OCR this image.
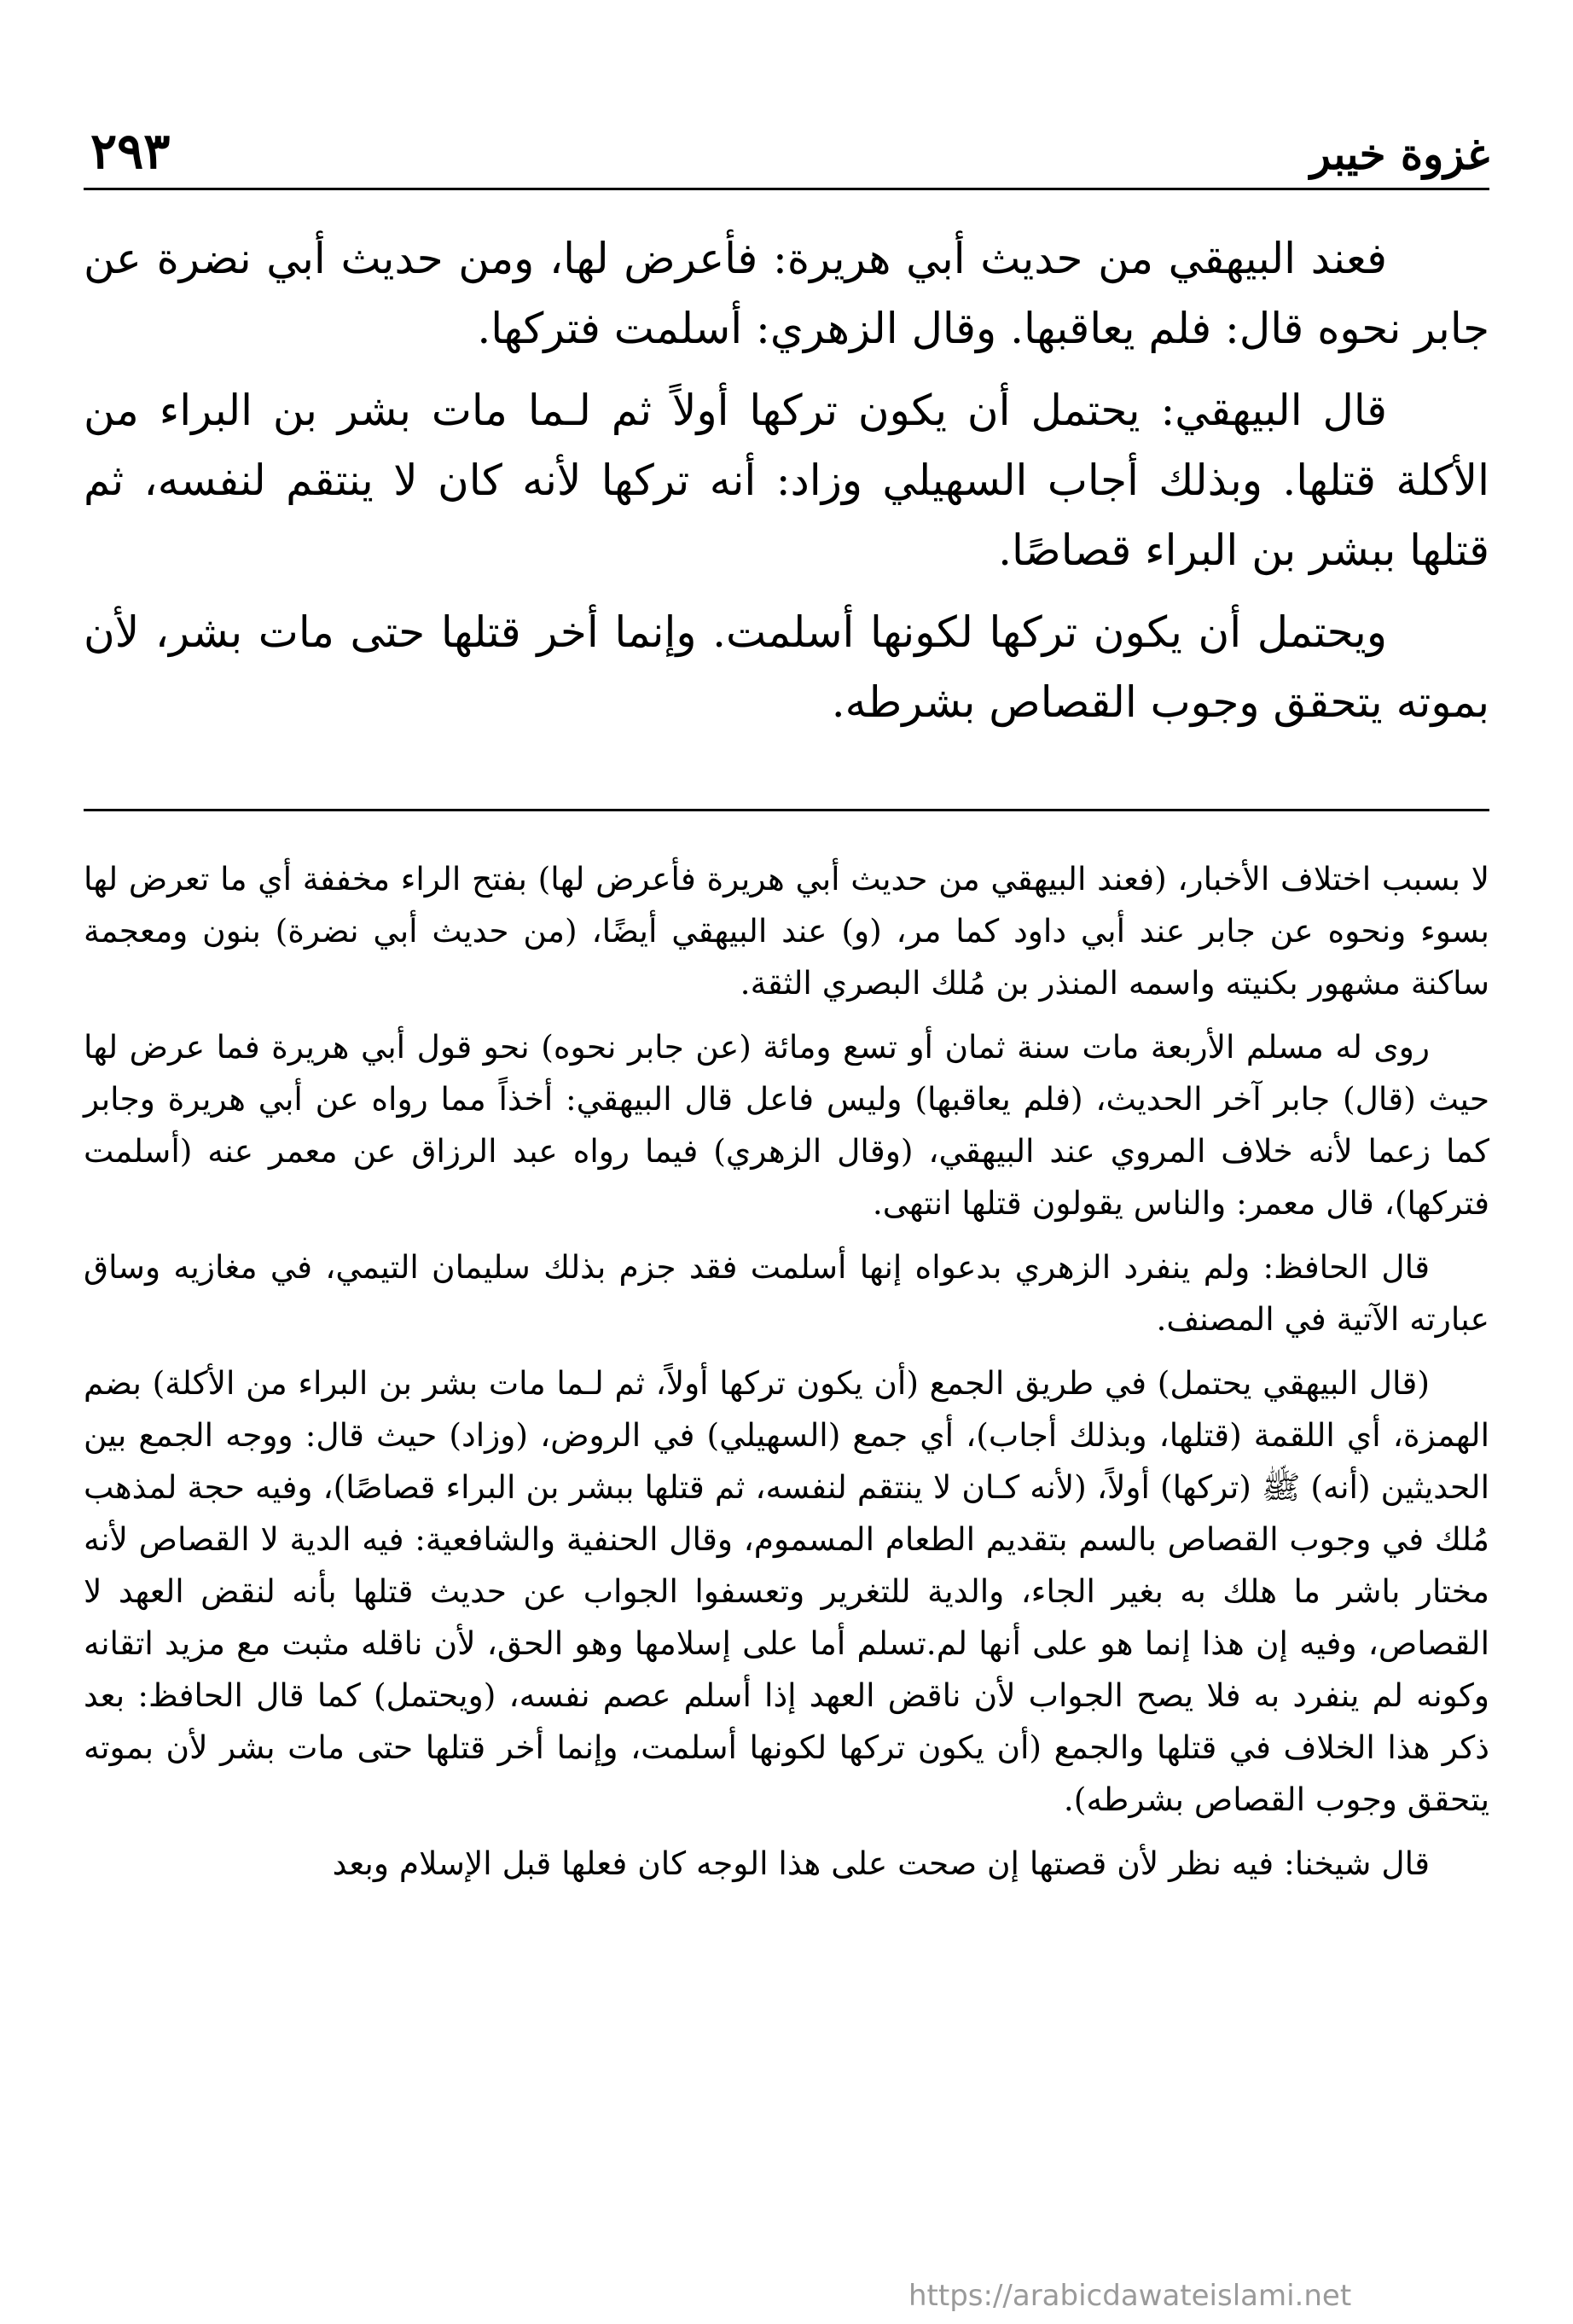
غزوة خيبر
٢٩٣

فعند البيهقي من حديث أبي هريرة: فأعرض لها، ومن حديث أبي نضرة عن جابر نحوه قال: فلم يعاقبها. وقال الزهري: أسلمت فتركها.

قال البيهقي: يحتمل أن يكون تركها أولاً ثم لـما مات بشر بن البراء من الأكلة قتلها. وبذلك أجاب السهيلي وزاد: أنه تركها لأنه كان لا ينتقم لنفسه، ثم قتلها ببشر بن البراء قصاصًا.

ويحتمل أن يكون تركها لكونها أسلمت. وإنما أخر قتلها حتى مات بشر، لأن بموته يتحقق وجوب القصاص بشرطه.

لا بسبب اختلاف الأخبار، (فعند البيهقي من حديث أبي هريرة فأعرض لها) بفتح الراء مخففة أي ما تعرض لها بسوء ونحوه عن جابر عند أبي داود كما مر، (و) عند البيهقي أيضًا، (من حديث أبي نضرة) بنون ومعجمة ساكنة مشهور بكنيته واسمه المنذر بن مُلك البصري الثقة.

روى له مسلم الأربعة مات سنة ثمان أو تسع ومائة (عن جابر نحوه) نحو قول أبي هريرة فما عرض لها حيث (قال) جابر آخر الحديث، (فلم يعاقبها) وليس فاعل قال البيهقي: أخذاً مما رواه عن أبي هريرة وجابر كما زعما لأنه خلاف المروي عند البيهقي، (وقال الزهري) فيما رواه عبد الرزاق عن معمر عنه (أسلمت فتركها)، قال معمر: والناس يقولون قتلها انتهى.

قال الحافظ: ولم ينفرد الزهري بدعواه إنها أسلمت فقد جزم بذلك سليمان التيمي، في مغازيه وساق عبارته الآتية في المصنف.

(قال البيهقي يحتمل) في طريق الجمع (أن يكون تركها أولاً، ثم لـما مات بشر بن البراء من الأكلة) بضم الهمزة، أي اللقمة (قتلها، وبذلك أجاب)، أي جمع (السهيلي) في الروض، (وزاد) حيث قال: ووجه الجمع بين الحديثين (أنه) ﷺ (تركها) أولاً، (لأنه كـان لا ينتقم لنفسه، ثم قتلها ببشر بن البراء قصاصًا)، وفيه حجة لمذهب مُلك في وجوب القصاص بالسم بتقديم الطعام المسموم، وقال الحنفية والشافعية: فيه الدية لا القصاص لأنه مختار باشر ما هلك به بغير الجاء، والدية للتغرير وتعسفوا الجواب عن حديث قتلها بأنه لنقض العهد لا القصاص، وفيه إن هذا إنما هو على أنها لم.تسلم أما على إسلامها وهو الحق، لأن ناقله مثبت مع مزيد اتقانه وكونه لم ينفرد به فلا يصح الجواب لأن ناقض العهد إذا أسلم عصم نفسه، (ويحتمل) كما قال الحافظ: بعد ذكر هذا الخلاف في قتلها والجمع (أن يكون تركها لكونها أسلمت، وإنما أخر قتلها حتى مات بشر لأن بموته يتحقق وجوب القصاص بشرطه).

قال شيخنا: فيه نظر لأن قصتها إن صحت على هذا الوجه كان فعلها قبل الإسلام وبعد

https://arabicdawateislami.net
